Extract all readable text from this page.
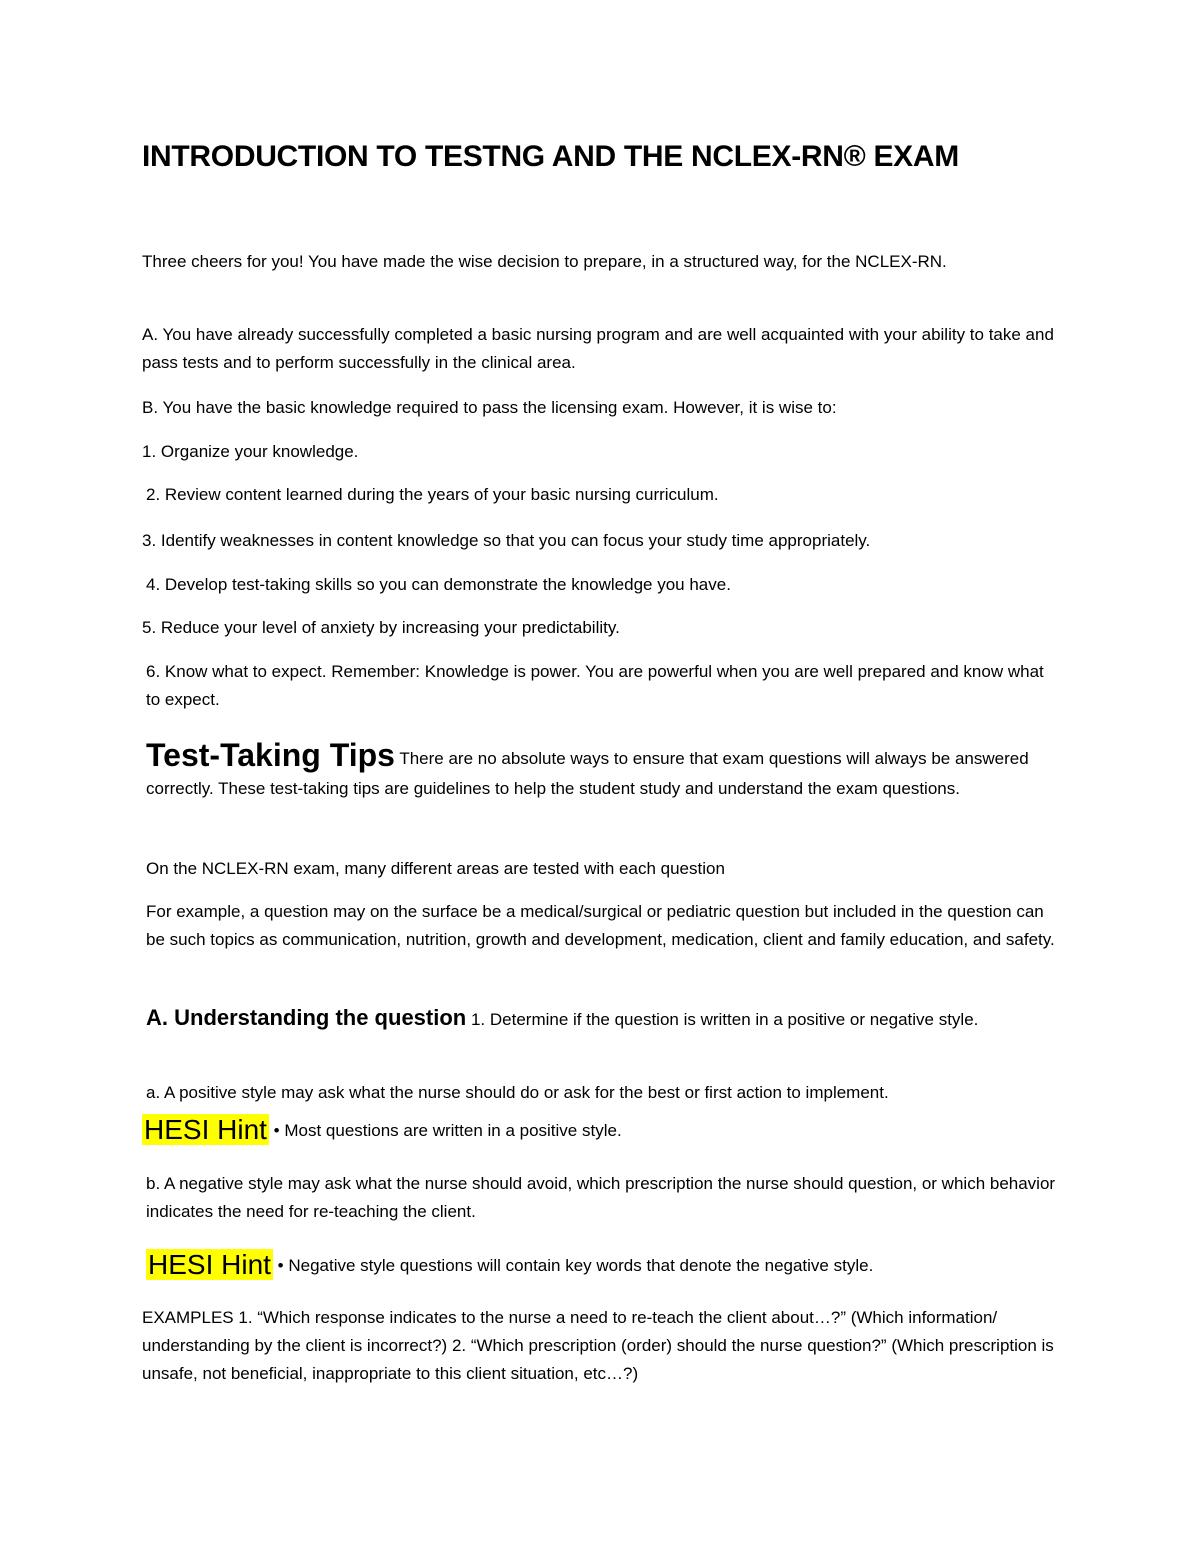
INTRODUCTION TO TESTNG AND THE NCLEX-RN® EXAM
Three cheers for you! You have made the wise decision to prepare, in a structured way, for the NCLEX-RN.
A. You have already successfully completed a basic nursing program and are well acquainted with your ability to take and pass tests and to perform successfully in the clinical area.
B. You have the basic knowledge required to pass the licensing exam. However, it is wise to:
1. Organize your knowledge.
2. Review content learned during the years of your basic nursing curriculum.
3. Identify weaknesses in content knowledge so that you can focus your study time appropriately.
4. Develop test-taking skills so you can demonstrate the knowledge you have.
5. Reduce your level of anxiety by increasing your predictability.
6. Know what to expect. Remember: Knowledge is power. You are powerful when you are well prepared and know what to expect.
Test-Taking Tips There are no absolute ways to ensure that exam questions will always be answered correctly. These test-taking tips are guidelines to help the student study and understand the exam questions.
On the NCLEX-RN exam, many different areas are tested with each question
For example, a question may on the surface be a medical/surgical or pediatric question but included in the question can be such topics as communication, nutrition, growth and development, medication, client and family education, and safety.
A. Understanding the question 1. Determine if the question is written in a positive or negative style.
a. A positive style may ask what the nurse should do or ask for the best or first action to implement.
HESI Hint • Most questions are written in a positive style.
b. A negative style may ask what the nurse should avoid, which prescription the nurse should question, or which behavior indicates the need for re-teaching the client.
HESI Hint • Negative style questions will contain key words that denote the negative style.
EXAMPLES 1. “Which response indicates to the nurse a need to re-teach the client about…?” (Which information/ understanding by the client is incorrect?) 2. “Which prescription (order) should the nurse question?” (Which prescription is unsafe, not beneficial, inappropriate to this client situation, etc…?)
